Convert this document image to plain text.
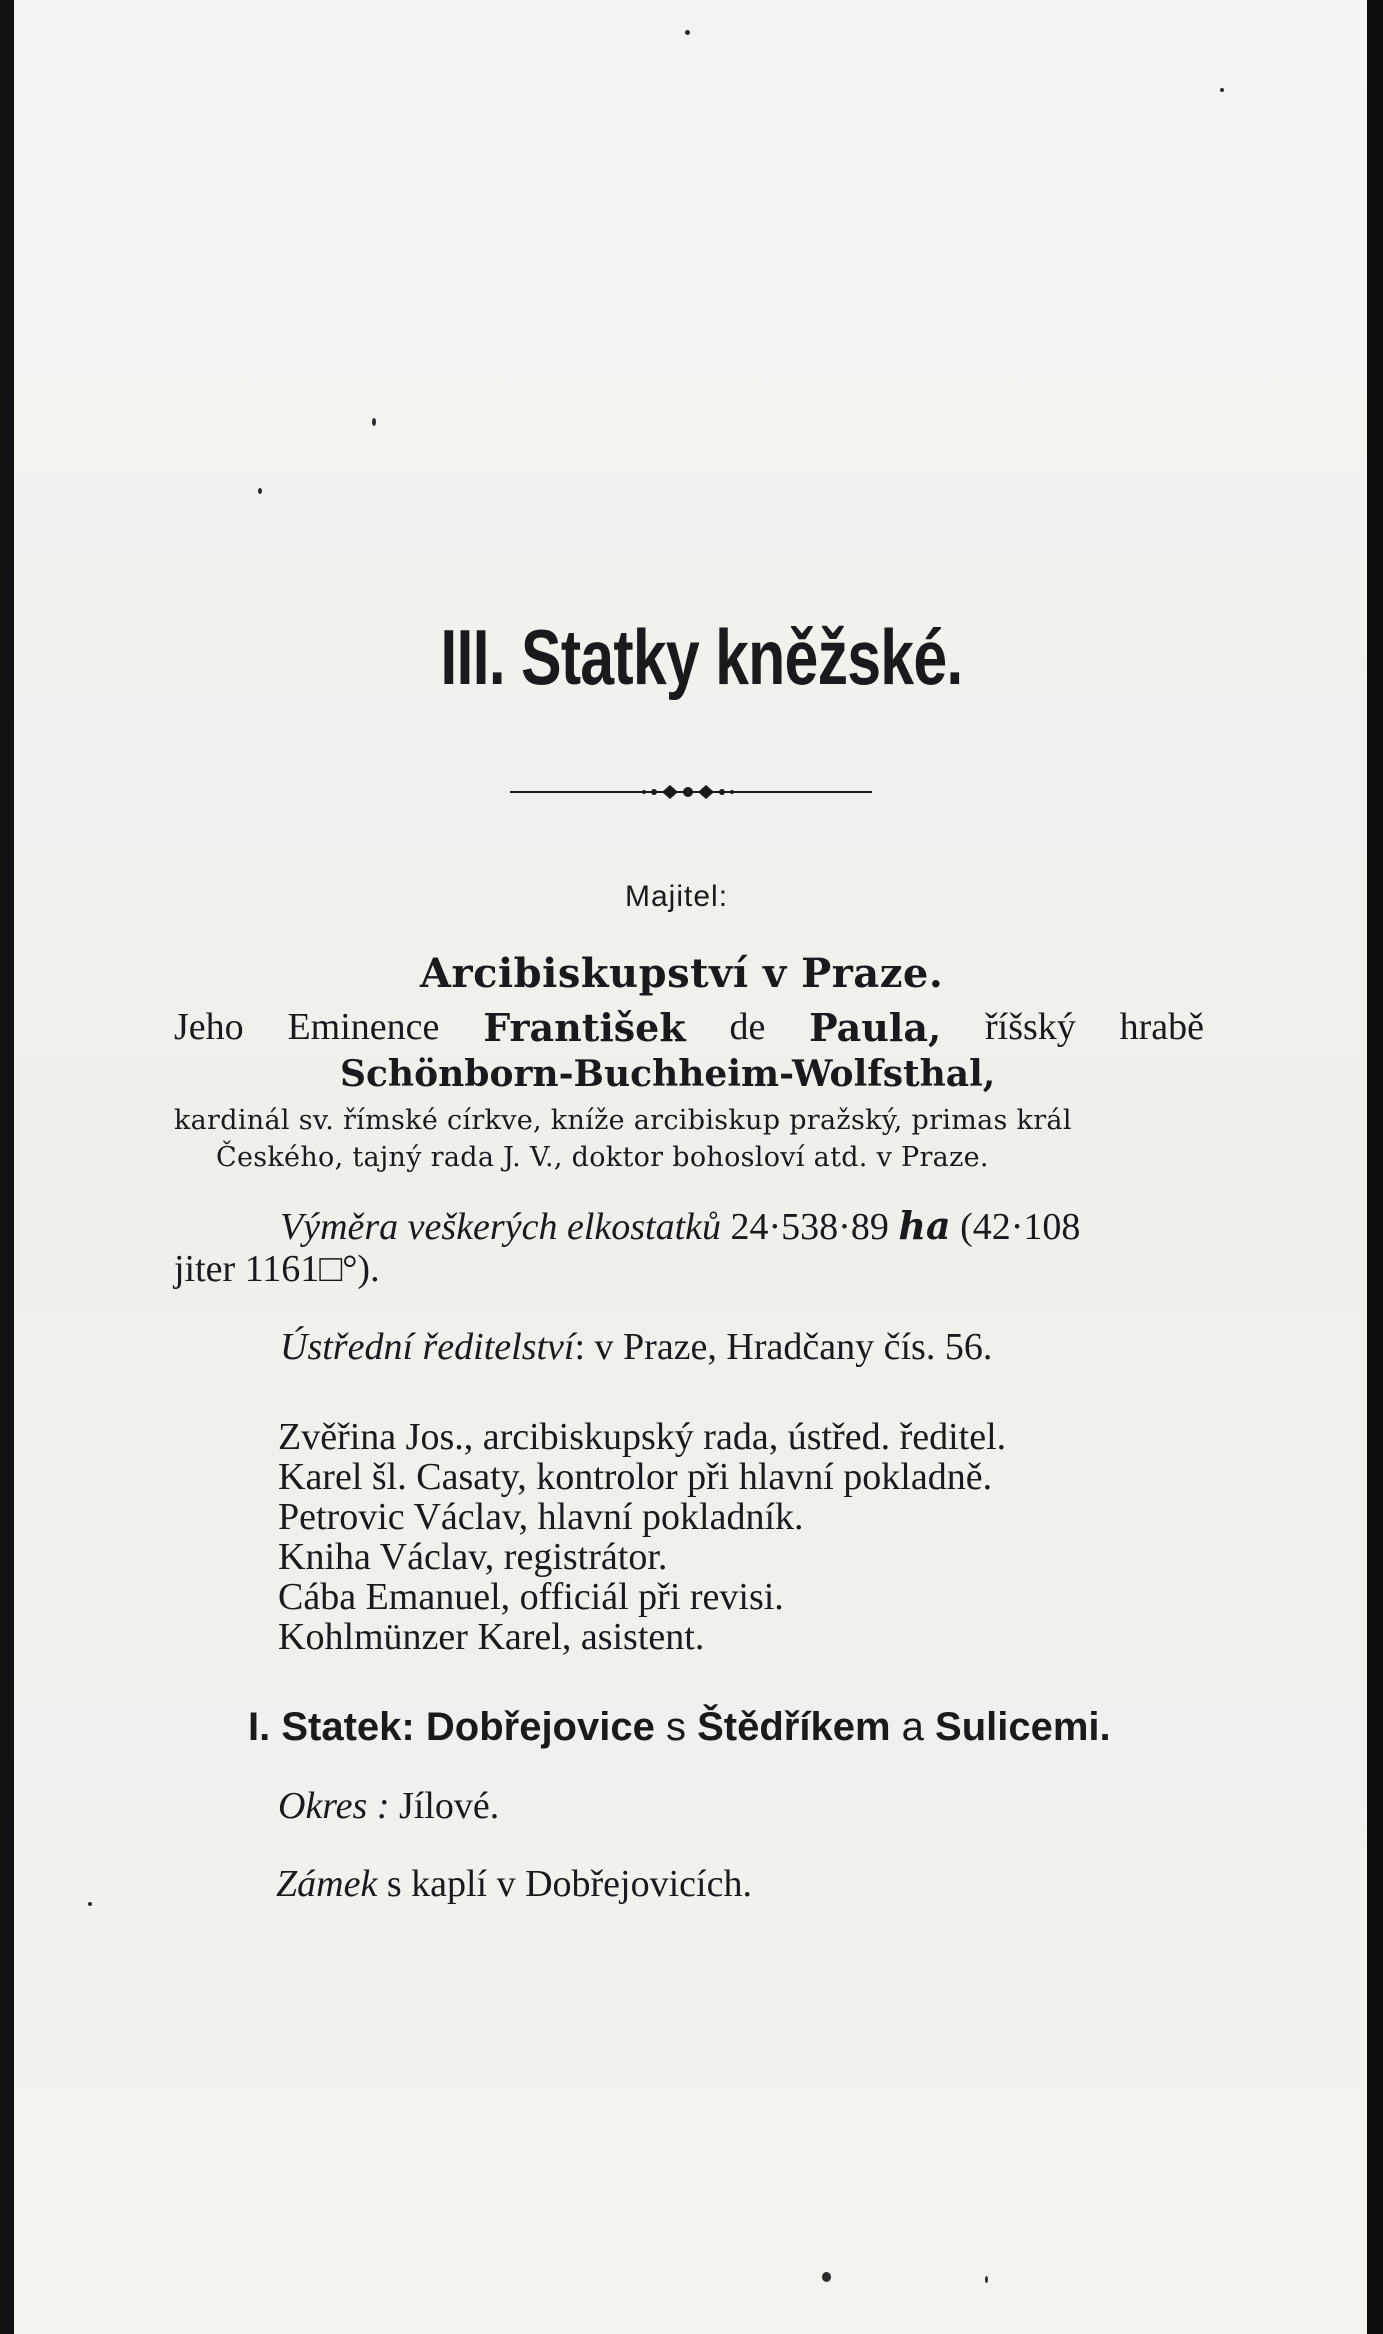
III. Statky kněžské.
Majitel:
Arcibiskupství v Praze.
Jeho Eminence František de Paula, říšský hrabě
Schönborn-Buchheim-Wolfsthal,
kardinál sv. římské církve, kníže arcibiskup pražský, primas král
Českého, tajný rada J. V., doktor bohosloví atd. v Praze.
Výměra veškerých elkostatků 24·538·89 ha (42·108
jiter 1161□°).
Ústřední ředitelství: v Praze, Hradčany čís. 56.
Zvěřina Jos., arcibiskupský rada, ústřed. ředitel.
Karel šl. Casaty, kontrolor při hlavní pokladně.
Petrovic Václav, hlavní pokladník.
Kniha Václav, registrátor.
Cába Emanuel, officiál při revisi.
Kohlmünzer Karel, asistent.
I. Statek: Dobřejovice s Štědříkem a Sulicemi.
Okres : Jílové.
Zámek s kaplí v Dobřejovicích.
